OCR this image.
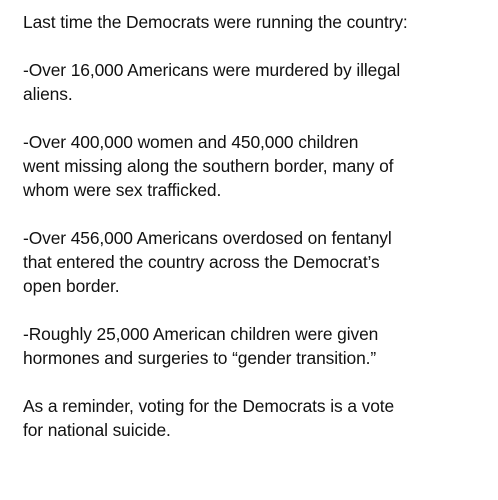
Last time the Democrats were running the country:

-Over 16,000 Americans were murdered by illegal
aliens.

-Over 400,000 women and 450,000 children
went missing along the southern border, many of
whom were sex trafficked.

-Over 456,000 Americans overdosed on fentanyl
that entered the country across the Democrat’s
open border.

-Roughly 25,000 American children were given
hormones and surgeries to “gender transition.”

As a reminder, voting for the Democrats is a vote
for national suicide.
